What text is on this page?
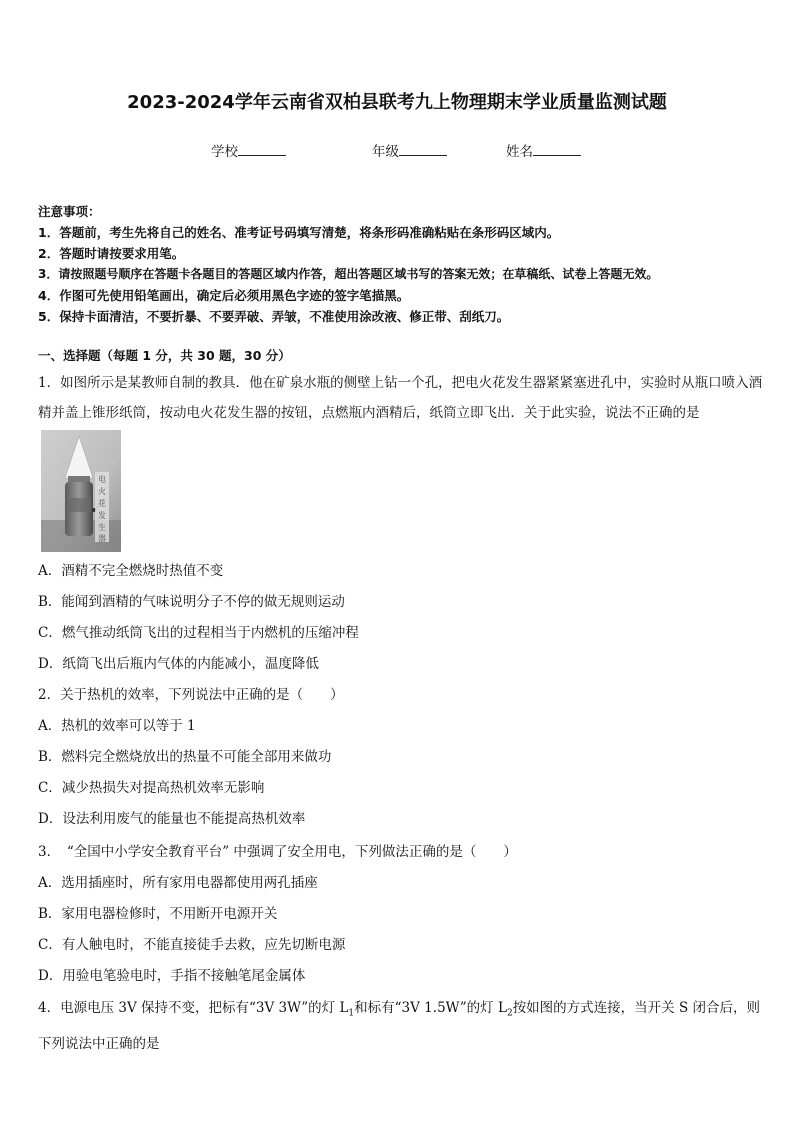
2023-2024学年云南省双柏县联考九上物理期末学业质量监测试题
学校	年级	姓名
注意事项：
1．答题前，考生先将自己的姓名、准考证号码填写清楚，将条形码准确粘贴在条形码区域内。
2．答题时请按要求用笔。
3．请按照题号顺序在答题卡各题目的答题区域内作答，超出答题区域书写的答案无效；在草稿纸、试卷上答题无效。
4．作图可先使用铅笔画出，确定后必须用黑色字迹的签字笔描黑。
5．保持卡面清洁，不要折暴、不要弄破、弄皱，不准使用涂改液、修正带、刮纸刀。
一、选择题（每题 1 分，共 30 题，30 分）
1．如图所示是某教师自制的教具．他在矿泉水瓶的侧壁上钻一个孔，把电火花发生器紧紧塞进孔中，实验时从瓶口喷入酒精并盖上锥形纸筒，按动电火花发生器的按钮，点燃瓶内酒精后，纸筒立即飞出．关于此实验，说法不正确的是
电
火
花
发
生
器
A．酒精不完全燃烧时热值不变
B．能闻到酒精的气味说明分子不停的做无规则运动
C．燃气推动纸筒飞出的过程相当于内燃机的压缩冲程
D．纸筒飞出后瓶内气体的内能减小，温度降低
2．关于热机的效率，下列说法中正确的是（　　）
A．热机的效率可以等于 1
B．燃料完全燃烧放出的热量不可能全部用来做功
C．减少热损失对提高热机效率无影响
D．设法利用废气的能量也不能提高热机效率
3．　“全国中小学安全教育平台” 中强调了安全用电，下列做法正确的是（　　）
A．选用插座时，所有家用电器都使用两孔插座
B．家用电器检修时，不用断开电源开关
C．有人触电时，不能直接徒手去救，应先切断电源
D．用验电笔验电时，手指不接触笔尾金属体
4．电源电压 3V 保持不变，把标有“3V 3W”的灯 $L_1$和标有“3V 1.5W”的灯 $L_2$按如图的方式连接，当开关 S 闭合后，则下列说法中正确的是
